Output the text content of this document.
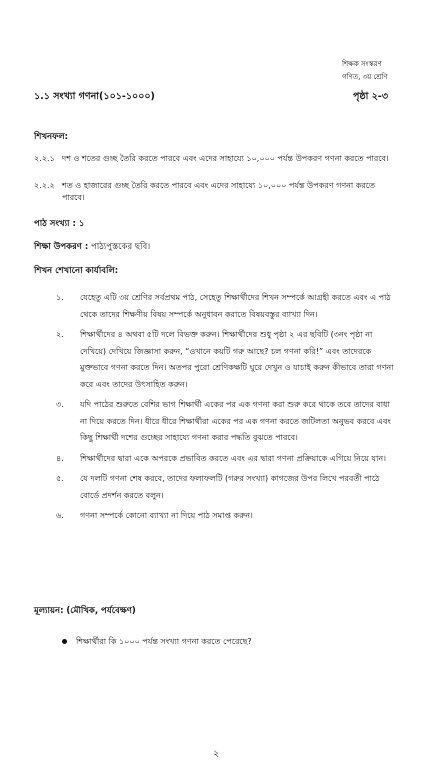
শিক্ষক সংস্করণ
গণিত, ৩য় শ্রেণি
১.১ সংখ্যা গণনা(১০১-১০০০)	পৃষ্ঠা ২-৩
শিখনফল:
২.২.১ দশ ও শতের গুচ্ছ তৈরি করতে পারবে এবং এদের সাহায্যে ১০,০০০ পর্যন্ত উপকরণ গণনা করতে পারবে।
২.২.২ শত ও হাজারের গুচ্ছ তৈরি করতে পারবে এবং এদের সাহায্যে ১০,০০০ পর্যন্ত উপকরণ গণনা করতে পারবে।
পাঠ সংখ্যা : ১
শিক্ষা উপকরণ : পাঠ্যপুস্তকের ছবি।
শিখন শেখানো কার্যাবলি:
১.	যেহেতু এটি ৩য় শ্রেণির সর্বপ্রথম পাঠ, সেহেতু শিক্ষার্থীদের শিখন সম্পর্কে আগ্রহী করতে এবং এ পাঠ থেকে তাদের শিক্ষণীয় বিষয় সম্পর্কে অনুধাবন করাতে বিষয়বস্তুর ব্যাখ্যা দিন।
২.	শিক্ষার্থীদের ৪ অথবা ৫টি দলে বিভক্ত করুন। শিক্ষার্থীদের শুধু পৃষ্ঠা ২ এর ছবিটি (৩নং পৃষ্ঠা না দেখিয়ে) দেখিয়ে জিজ্ঞাসা করুন, “ওখানে কয়টি গরু আছে? চল গণনা করি!” এবং তাদেরকে মুক্তভাবে গণনা করতে দিন। অতপর পুরো শ্রেণিকক্ষটি ঘুরে দেখুন ও যাচাই করুন কীভাবে তারা গণনা করে এবং তাদের উৎসাহিত করুন।
৩.	যদি পাঠের শুরুতে বেশির ভাগ শিক্ষার্থী একের পর এক গণনা করা শুরু করে থাকে তবে তাদের বাধা না দিয়ে করতে দিন। ধীরে ধীরে শিক্ষার্থীরা একের পর এক গণনা করতে জটিলতা অনুভব করবে এবং কিছু শিক্ষার্থী দশের গুচ্ছের সাহায্যে গণনা করার পদ্ধতি বুঝতে পারবে।
৪.	শিক্ষার্থীদের দ্বারা একে অপরকে প্রভাবিত করতে এবং এর দ্বারা গণনা প্রক্রিয়াকে এগিয়ে নিয়ে যান।
৫.	যে দলটি গণনা শেষ করবে, তাদের ফলাফলটি (গরুর সংখ্যা) কাগজের উপর লিখে পরবর্তী পাঠে বোর্ডে প্রদর্শন করতে বলুন।
৬.	গণনা সম্পর্কে কোনো ব্যাখ্যা না দিয়ে পাঠ সমাপ্ত করুন।
মূল্যায়ন: (মৌখিক, পর্যবেক্ষণ)
শিক্ষার্থীরা কি ১০০০ পর্যন্ত সংখ্যা গণনা করতে পেরেছে?
২
